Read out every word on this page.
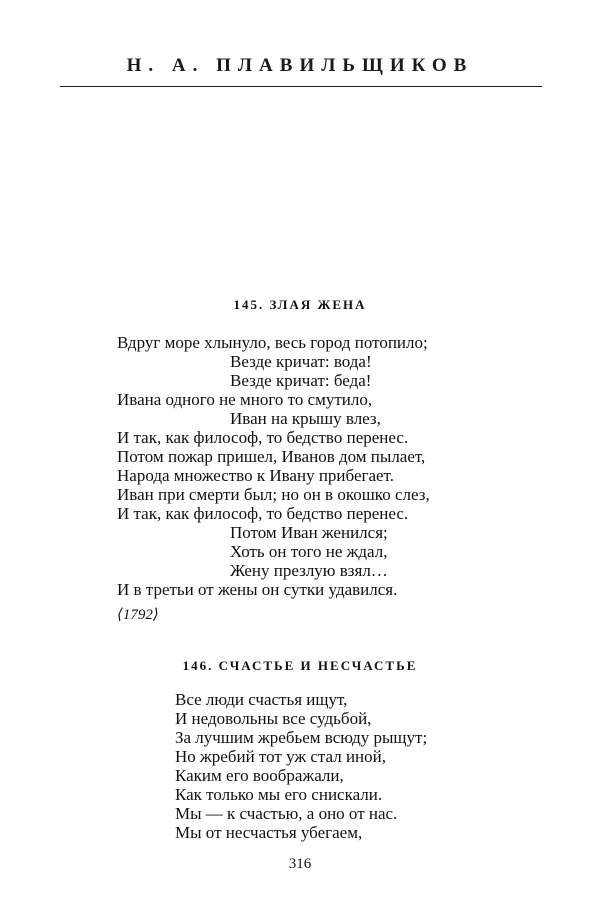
Н. А. ПЛАВИЛЬЩИКОВ
145. ЗЛАЯ ЖЕНА
Вдруг море хлынуло, весь город потопило;
Везде кричат: вода!
Везде кричат: беда!
Ивана одного не много то смутило,
Иван на крышу влез,
И так, как философ, то бедство перенес.
Потом пожар пришел, Иванов дом пылает,
Народа множество к Ивану прибегает.
Иван при смерти был; но он в окошко слез,
И так, как философ, то бедство перенес.
Потом Иван женился;
Хоть он того не ждал,
Жену презлую взял…
И в третьи от жены он сутки удавился.
⟨1792⟩
146. СЧАСТЬЕ И НЕСЧАСТЬЕ
Все люди счастья ищут,
И недовольны все судьбой,
За лучшим жребьем всюду рыщут;
Но жребий тот уж стал иной,
Каким его воображали,
Как только мы его снискали.
Мы — к счастью, а оно от нас.
Мы от несчастья убегаем,
316
